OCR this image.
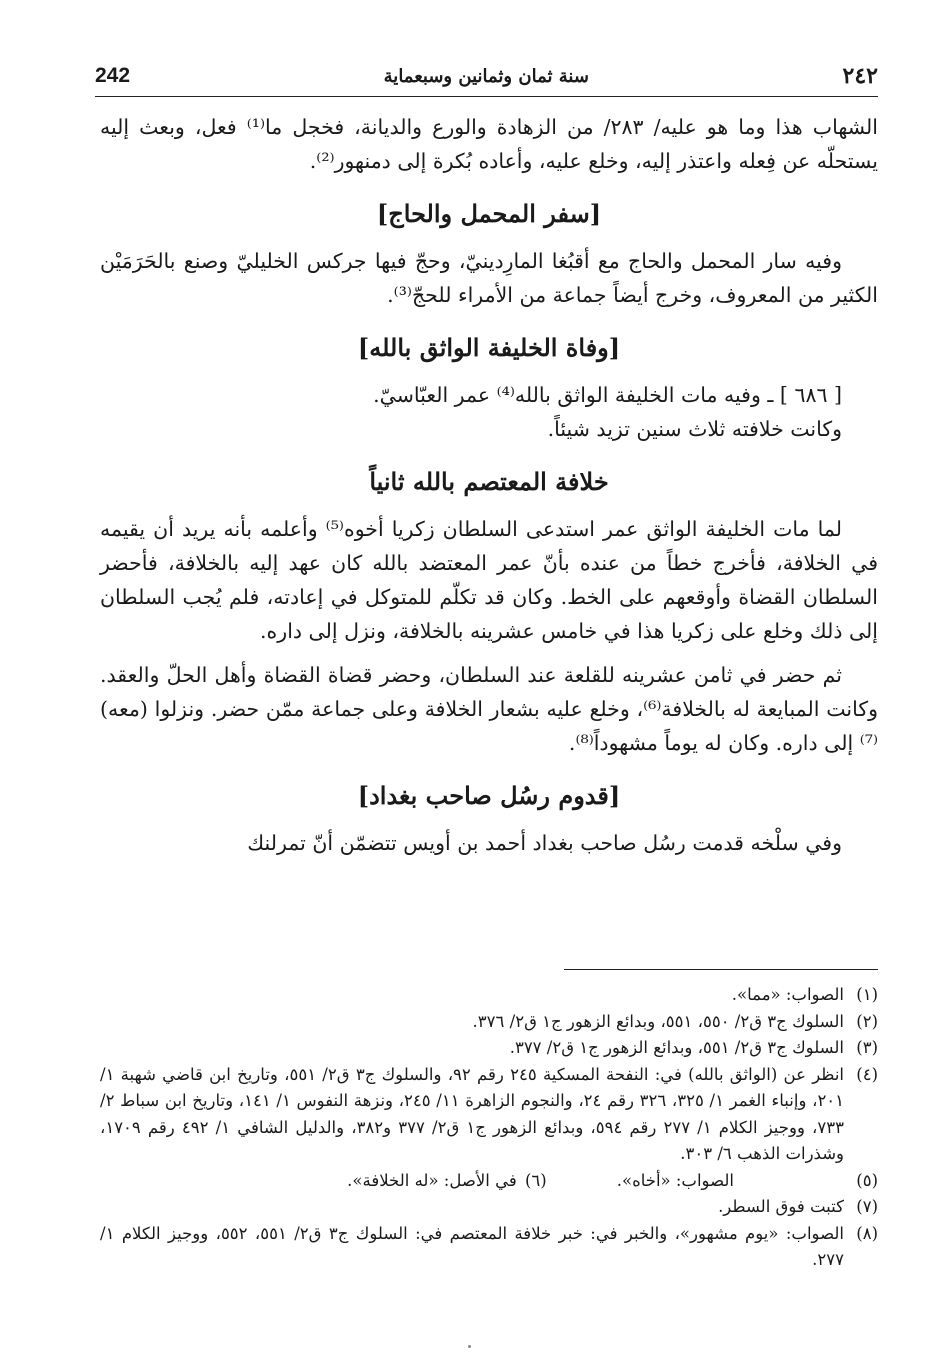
242	سنة ثمان وثمانين وسبعماية	٢٤٢

الشهاب هذا وما هو عليه/ ٢٨٣/ من الزهادة والورع والديانة، فخجل ما⁽¹⁾ فعل، وبعث إليه يستحلّه عن فِعله واعتذر إليه، وخلع عليه، وأعاده بُكرة إلى دمنهور⁽²⁾.

[سفر المحمل والحاج]

وفيه سار المحمل والحاج مع أقبُغا المارِدينيّ، وحجّ فيها جركس الخليليّ وصنع بالحَرَمَيْن الكثير من المعروف، وخرج أيضاً جماعة من الأمراء للحجّ⁽³⁾.

[وفاة الخليفة الواثق بالله]

[ ٦٨٦ ] ـ وفيه مات الخليفة الواثق بالله⁽⁴⁾ عمر العبّاسيّ.

وكانت خلافته ثلاث سنين تزيد شيئاً.

خلافة المعتصم بالله ثانياً

لما مات الخليفة الواثق عمر استدعى السلطان زكريا أخوه⁽⁵⁾ وأعلمه بأنه يريد أن يقيمه في الخلافة، فأخرج خطاً من عنده بأنّ عمر المعتضد بالله كان عهد إليه بالخلافة، فأحضر السلطان القضاة وأوقعهم على الخط. وكان قد تكلّم للمتوكل في إعادته، فلم يُجب السلطان إلى ذلك وخلع على زكريا هذا في خامس عشرينه بالخلافة، ونزل إلى داره.

ثم حضر في ثامن عشرينه للقلعة عند السلطان، وحضر قضاة القضاة وأهل الحلّ والعقد. وكانت المبايعة له بالخلافة⁽⁶⁾، وخلع عليه بشعار الخلافة وعلى جماعة ممّن حضر. ونزلوا (معه)⁽⁷⁾ إلى داره. وكان له يوماً مشهوداً⁽⁸⁾.

[قدوم رسُل صاحب بغداد]

وفي سلْخه قدمت رسُل صاحب بغداد أحمد بن أويس تتضمّن أنّ تمرلنك

(١)
الصواب: «مما».
(٢)
السلوك ج٣ ق٢/ ٥٥٠، ٥٥١، وبدائع الزهور ج١ ق٢/ ٣٧٦.
(٣)
السلوك ج٣ ق٢/ ٥٥١، وبدائع الزهور ج١ ق٢/ ٣٧٧.
(٤)
انظر عن (الواثق بالله) في: النفحة المسكية ٢٤٥ رقم ٩٢، والسلوك ج٣ ق٢/ ٥٥١، وتاريخ ابن قاضي شهبة ١/ ٢٠١، وإنباء الغمر ١/ ٣٢٥، ٣٢٦ رقم ٢٤، والنجوم الزاهرة ١١/ ٢٤٥، ونزهة النفوس ١/ ١٤١، وتاريخ ابن سباط ٢/ ٧٣٣، ووجيز الكلام ١/ ٢٧٧ رقم ٥٩٤، وبدائع الزهور ج١ ق٢/ ٣٧٧ و٣٨٢، والدليل الشافي ١/ ٤٩٢ رقم ١٧٠٩، وشذرات الذهب ٦/ ٣٠٣.
(٥)
الصواب: «أخاه».
(٦)
في الأصل: «له الخلافة».
(٧)
كتبت فوق السطر.
(٨)
الصواب: «يوم مشهور»، والخبر في: خبر خلافة المعتصم في: السلوك ج٣ ق٢/ ٥٥١، ٥٥٢، ووجيز الكلام ١/ ٢٧٧.
